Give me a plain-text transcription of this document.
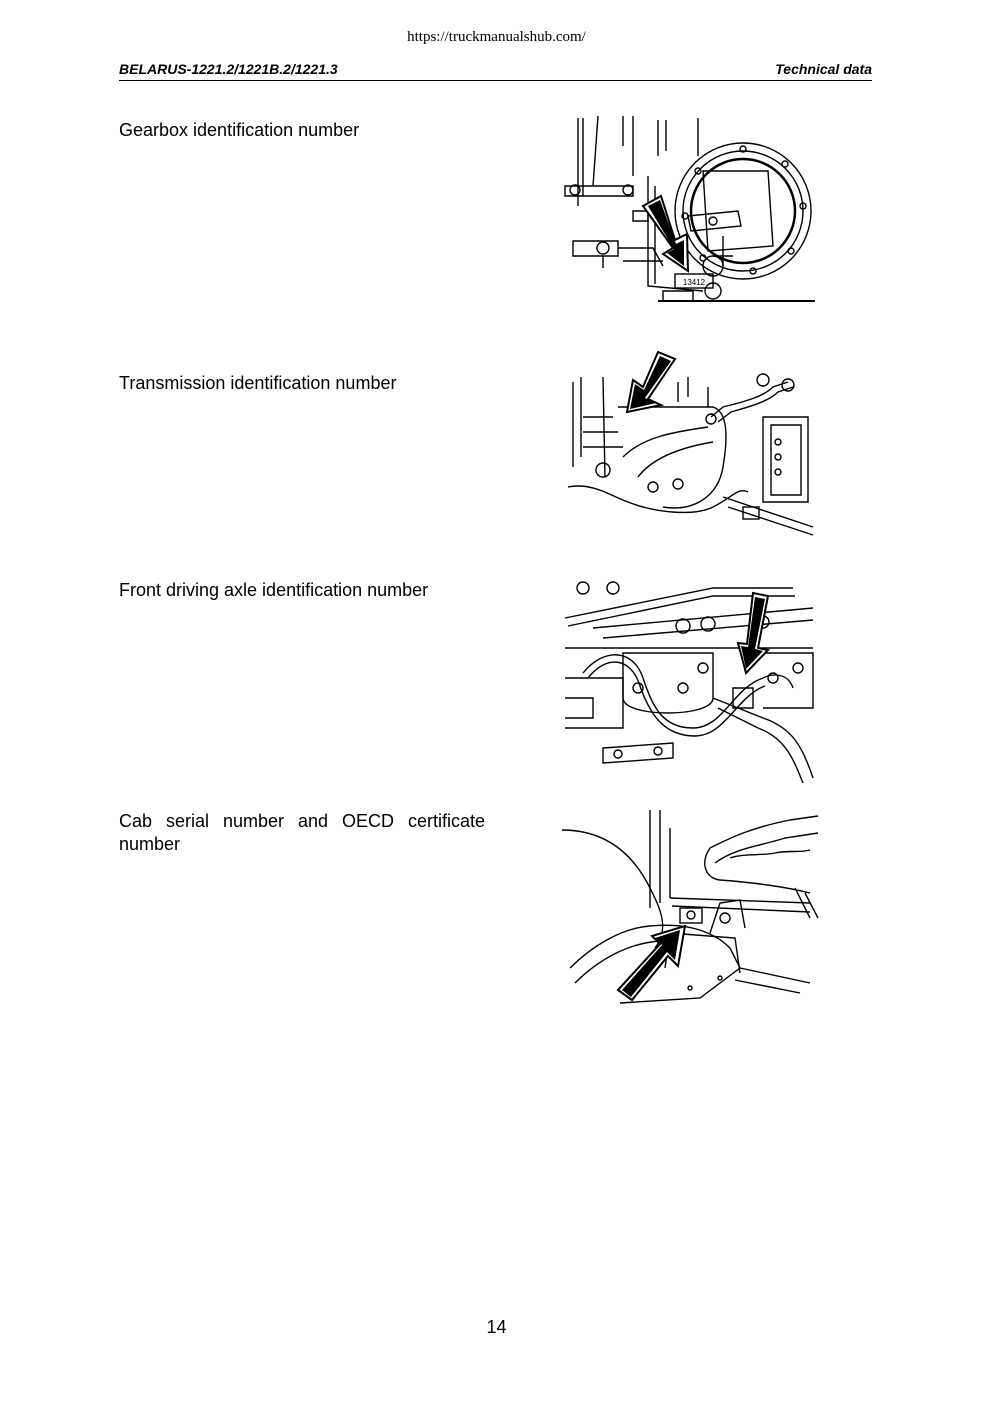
https://truckmanualshub.com/
BELARUS-1221.2/1221B.2/1221.3	Technical data
Gearbox identification number
13412
Transmission identification number
Front driving axle identification number
Cab serial number and OECD certificate number
14
